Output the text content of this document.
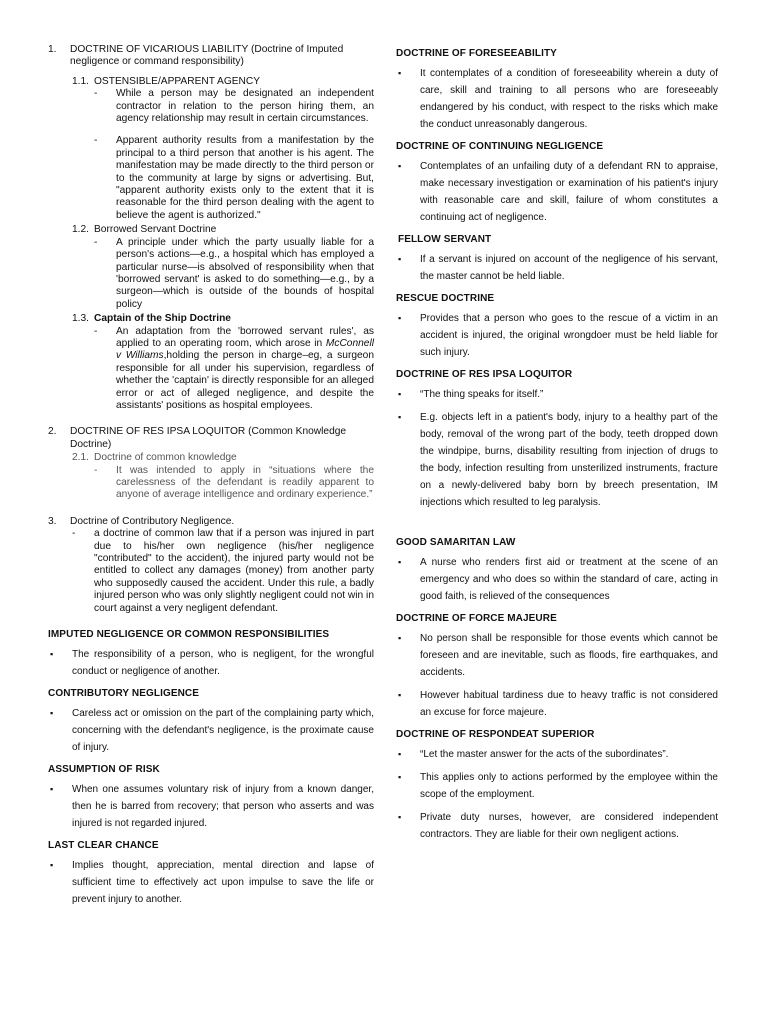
1.	DOCTRINE OF VICARIOUS LIABILITY (Doctrine of Imputed negligence or command responsibility)
1.1. OSTENSIBLE/APPARENT AGENCY
-	While a person may be designated an independent contractor in relation to the person hiring them, an agency relationship may result in certain circumstances.
-	Apparent authority results from a manifestation by the principal to a third person that another is his agent. The manifestation may be made directly to the third person or to the community at large by signs or advertising. But, "apparent authority exists only to the extent that it is reasonable for the third person dealing with the agent to believe the agent is authorized."
1.2. Borrowed Servant Doctrine
-	A principle under which the party usually liable for a person's actions—e.g., a hospital which has employed a particular nurse—is absolved of responsibility when that 'borrowed servant' is asked to do something—e.g., by a surgeon—which is outside of the bounds of hospital policy
1.3. Captain of the Ship Doctrine
-	An adaptation from the 'borrowed servant rules', as applied to an operating room, which arose in McConnell v Williams,holding the person in charge–eg, a surgeon responsible for all under his supervision, regardless of whether the 'captain' is directly responsible for an alleged error or act of alleged negligence, and despite the assistants' positions as hospital employees.
2.	DOCTRINE OF RES IPSA LOQUITOR (Common Knowledge Doctrine)
2.1. Doctrine of common knowledge
-	It was intended to apply in “situations where the carelessness of the defendant is readily apparent to anyone of average intelligence and ordinary experience.”
3.	Doctrine of Contributory Negligence.
-	a doctrine of common law that if a person was injured in part due to his/her own negligence (his/her negligence "contributed" to the accident), the injured party would not be entitled to collect any damages (money) from another party who supposedly caused the accident. Under this rule, a badly injured person who was only slightly negligent could not win in court against a very negligent defendant.
IMPUTED NEGLIGENCE OR COMMON RESPONSIBILITIES
▪	The responsibility of a person, who is negligent, for the wrongful conduct or negligence of another.
CONTRIBUTORY NEGLIGENCE
▪	Careless act or omission on the part of the complaining party which, concerning with the defendant's negligence, is the proximate cause of injury.
ASSUMPTION OF RISK
▪	When one assumes voluntary risk of injury from a known danger, then he is barred from recovery; that person who asserts and was injured is not regarded injured.
LAST CLEAR CHANCE
▪	Implies thought, appreciation, mental direction and lapse of sufficient time to effectively act upon impulse to save the life or prevent injury to another.
DOCTRINE OF FORESEEABILITY
▪	It contemplates of a condition of foreseeability wherein a duty of care, skill and training to all persons who are foreseeably endangered by his conduct, with respect to the risks which make the conduct unreasonably dangerous.
DOCTRINE OF CONTINUING NEGLIGENCE
▪	Contemplates of an unfailing duty of a defendant RN to appraise, make necessary investigation or examination of his patient's injury with reasonable care and skill, failure of whom constitutes a continuing act of negligence.
FELLOW SERVANT
▪	If a servant is injured on account of the negligence of his servant, the master cannot be held liable.
RESCUE DOCTRINE
▪	Provides that a person who goes to the rescue of a victim in an accident is injured, the original wrongdoer must be held liable for such injury.
DOCTRINE OF RES IPSA LOQUITOR
▪	“The thing speaks for itself.”
▪	E.g. objects left in a patient's body, injury to a healthy part of the body, removal of the wrong part of the body, teeth dropped down the windpipe, burns, disability resulting from injection of drugs to the body, infection resulting from unsterilized instruments, fracture on a newly-delivered baby born by breech presentation, IM injections which resulted to leg paralysis.
GOOD SAMARITAN LAW
▪	A nurse who renders first aid or treatment at the scene of an emergency and who does so within the standard of care, acting in good faith, is relieved of the consequences
DOCTRINE OF FORCE MAJEURE
▪	No person shall be responsible for those events which cannot be foreseen and are inevitable, such as floods, fire earthquakes, and accidents.
▪	However habitual tardiness due to heavy traffic is not considered an excuse for force majeure.
DOCTRINE OF RESPONDEAT SUPERIOR
▪	“Let the master answer for the acts of the subordinates”.
▪	This applies only to actions performed by the employee within the scope of the employment.
▪	Private duty nurses, however, are considered independent contractors. They are liable for their own negligent actions.
